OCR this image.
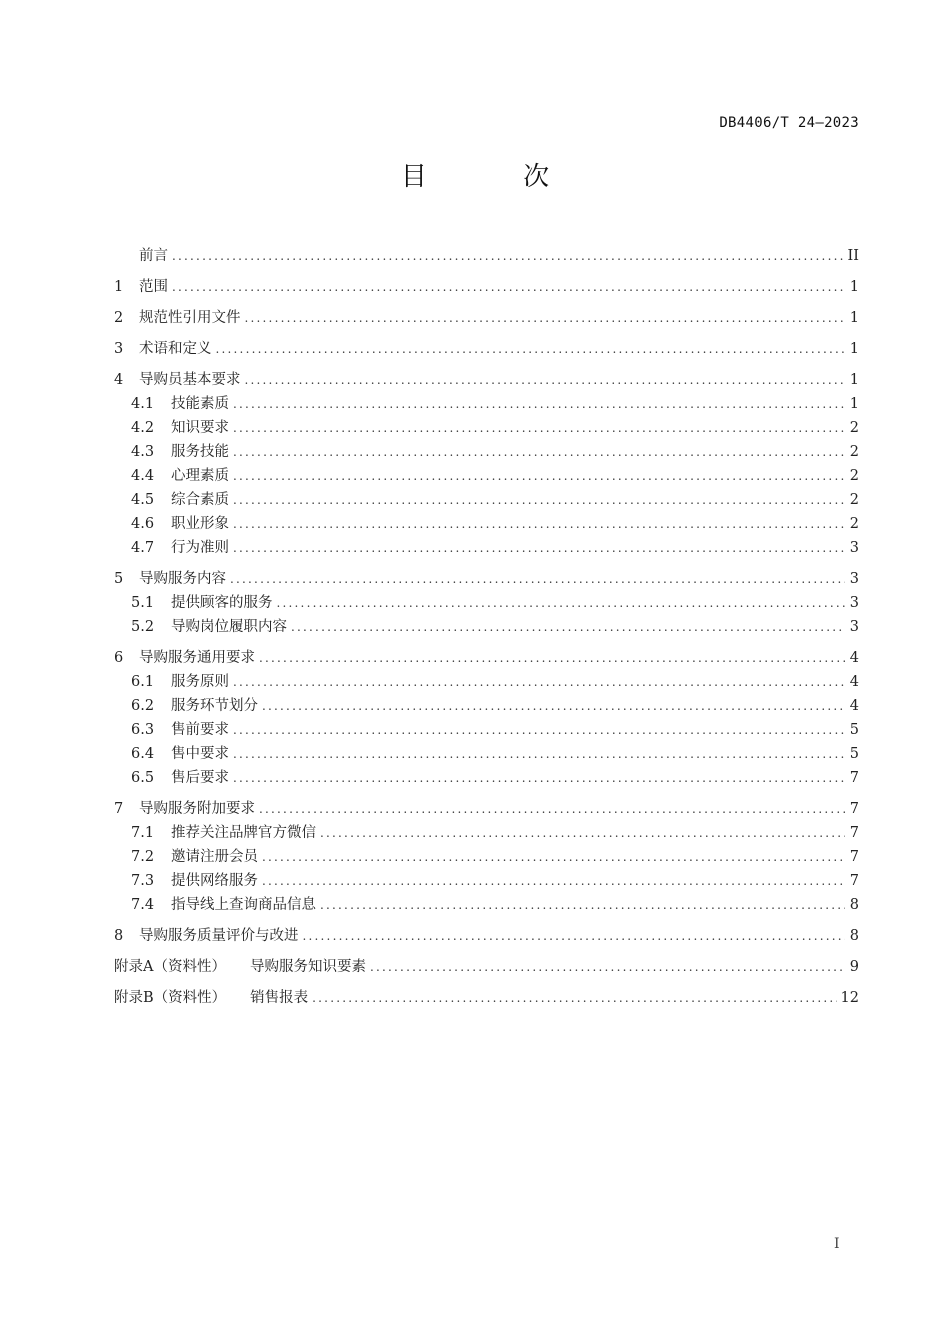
DB4406/T 24—2023
目 次
前言 .....	II
1	范围 .....	1
2	规范性引用文件 .....	1
3	术语和定义 .....	1
4	导购员基本要求 .....	1
4.1	技能素质 .....	1
4.2	知识要求 .....	2
4.3	服务技能 .....	2
4.4	心理素质 .....	2
4.5	综合素质 .....	2
4.6	职业形象 .....	2
4.7	行为准则 .....	3
5	导购服务内容 .....	3
5.1	提供顾客的服务 .....	3
5.2	导购岗位履职内容 .....	3
6	导购服务通用要求 .....	4
6.1	服务原则 .....	4
6.2	服务环节划分 .....	4
6.3	售前要求 .....	5
6.4	售中要求 .....	5
6.5	售后要求 .....	7
7	导购服务附加要求 .....	7
7.1	推荐关注品牌官方微信 .....	7
7.2	邀请注册会员 .....	7
7.3	提供网络服务 .....	7
7.4	指导线上查询商品信息 .....	8
8	导购服务质量评价与改进 .....	8
附录A（资料性） 导购服务知识要素 .....	9
附录B（资料性） 销售报表 .....	12
I
